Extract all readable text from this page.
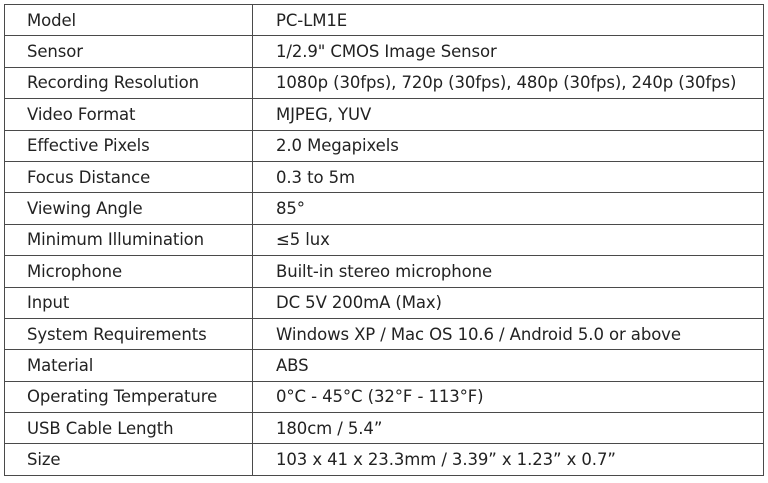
Model	PC-LM1E
Sensor	1/2.9" CMOS Image Sensor
Recording Resolution	1080p (30fps), 720p (30fps), 480p (30fps), 240p (30fps)
Video Format	MJPEG, YUV
Effective Pixels	2.0 Megapixels
Focus Distance	0.3 to 5m
Viewing Angle	85°
Minimum Illumination	≤5 lux
Microphone	Built-in stereo microphone
Input	DC 5V 200mA (Max)
System Requirements	Windows XP / Mac OS 10.6 / Android 5.0 or above
Material	ABS
Operating Temperature	0°C - 45°C (32°F - 113°F)
USB Cable Length	180cm / 5.4”
Size	103 x 41 x 23.3mm / 3.39” x 1.23” x 0.7”
